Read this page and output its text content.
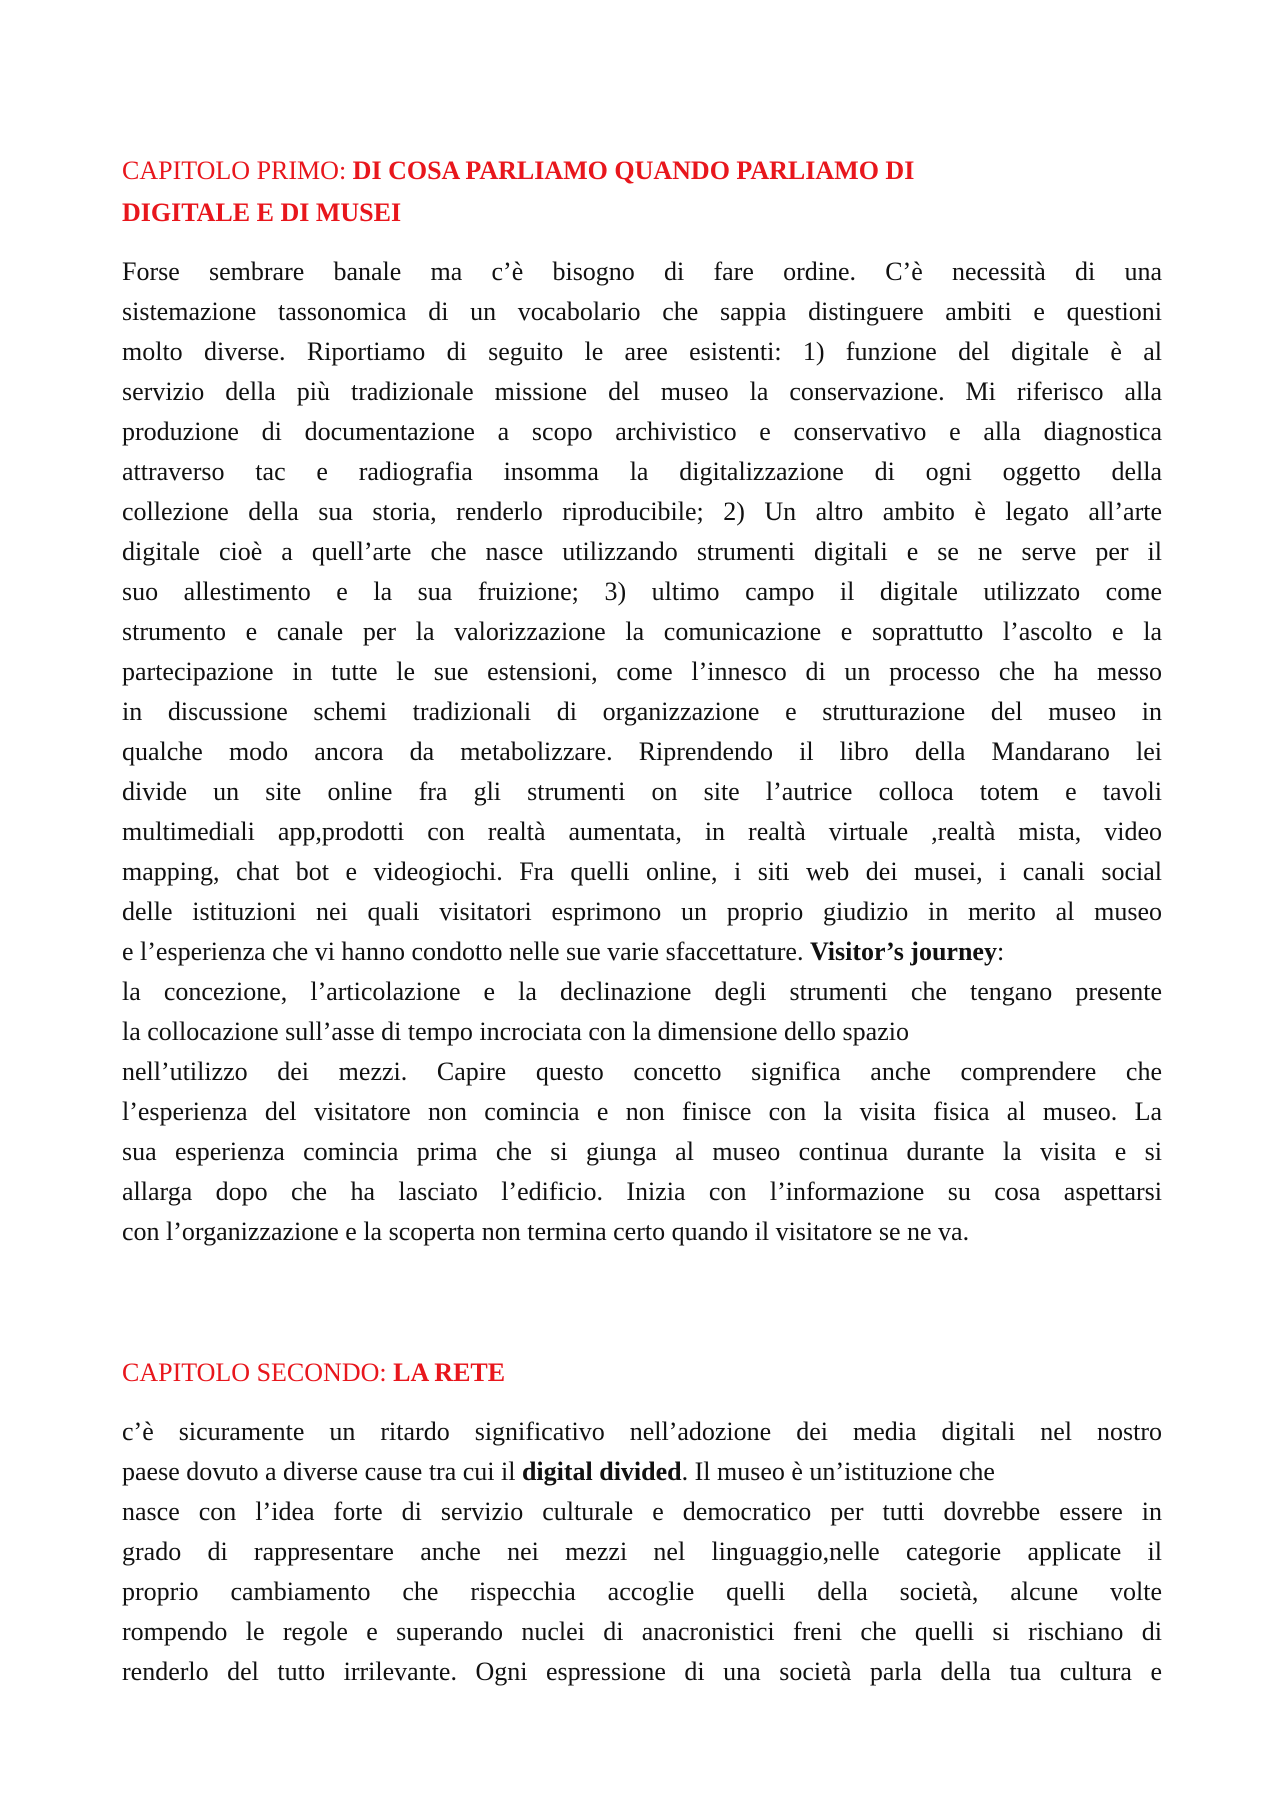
CAPITOLO PRIMO: DI COSA PARLIAMO QUANDO PARLIAMO DI
DIGITALE E DI MUSEI

Forse sembrare banale ma c’è bisogno di fare ordine. C’è necessità di una
sistemazione tassonomica di un vocabolario che sappia distinguere ambiti e questioni
molto diverse. Riportiamo di seguito le aree esistenti: 1) funzione del digitale è al
servizio della più tradizionale missione del museo la conservazione. Mi riferisco alla
produzione di documentazione a scopo archivistico e conservativo e alla diagnostica
attraverso tac e radiografia insomma la digitalizzazione di ogni oggetto della
collezione della sua storia, renderlo riproducibile; 2) Un altro ambito è legato all’arte
digitale cioè a quell’arte che nasce utilizzando strumenti digitali e se ne serve per il
suo allestimento e la sua fruizione; 3) ultimo campo il digitale utilizzato come
strumento e canale per la valorizzazione la comunicazione e soprattutto l’ascolto e la
partecipazione in tutte le sue estensioni, come l’innesco di un processo che ha messo
in discussione schemi tradizionali di organizzazione e strutturazione del museo in
qualche modo ancora da metabolizzare. Riprendendo il libro della Mandarano lei
divide un site online fra gli strumenti on site l’autrice colloca totem e tavoli
multimediali app,prodotti con realtà aumentata, in realtà virtuale ,realtà mista, video
mapping, chat bot e videogiochi. Fra quelli online, i siti web dei musei, i canali social
delle istituzioni nei quali visitatori esprimono un proprio giudizio in merito al museo
e l’esperienza che vi hanno condotto nelle sue varie sfaccettature. Visitor’s journey:
la concezione, l’articolazione e la declinazione degli strumenti che tengano presente
la collocazione sull’asse di tempo incrociata con la dimensione dello spazio
nell’utilizzo dei mezzi. Capire questo concetto significa anche comprendere che
l’esperienza del visitatore non comincia e non finisce con la visita fisica al museo. La
sua esperienza comincia prima che si giunga al museo continua durante la visita e si
allarga dopo che ha lasciato l’edificio. Inizia con l’informazione su cosa aspettarsi
con l’organizzazione e la scoperta non termina certo quando il visitatore se ne va.

CAPITOLO SECONDO: LA RETE

c’è sicuramente un ritardo significativo nell’adozione dei media digitali nel nostro
paese dovuto a diverse cause tra cui il digital divided. Il museo è un’istituzione che
nasce con l’idea forte di servizio culturale e democratico per tutti dovrebbe essere in
grado di rappresentare anche nei mezzi nel linguaggio,nelle categorie applicate il
proprio cambiamento che rispecchia accoglie quelli della società, alcune volte
rompendo le regole e superando nuclei di anacronistici freni che quelli si rischiano di
renderlo del tutto irrilevante. Ogni espressione di una società parla della tua cultura e
